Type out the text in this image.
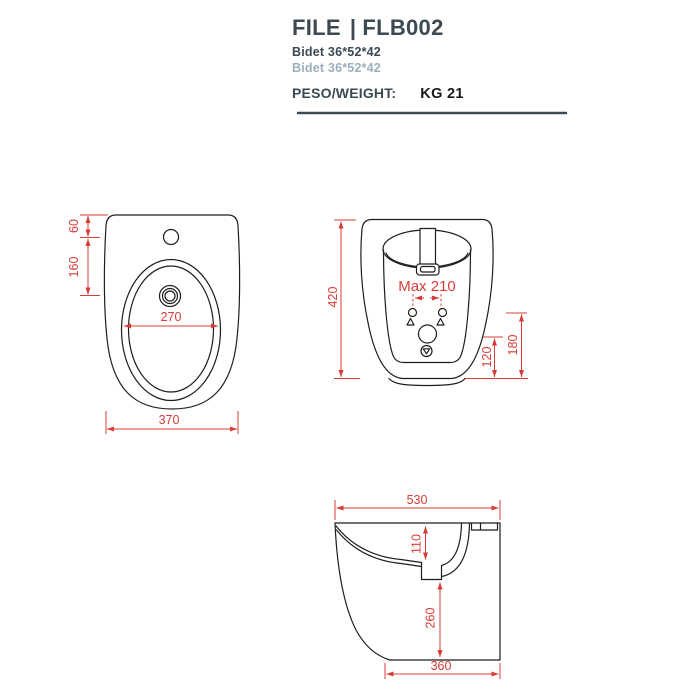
FILE | FLB002
Bidet 36*52*42
Bidet 36*52*42
PESO/WEIGHT: KG 21
60
160
270
370
Max 210
420
120
180
530
110
260
360
